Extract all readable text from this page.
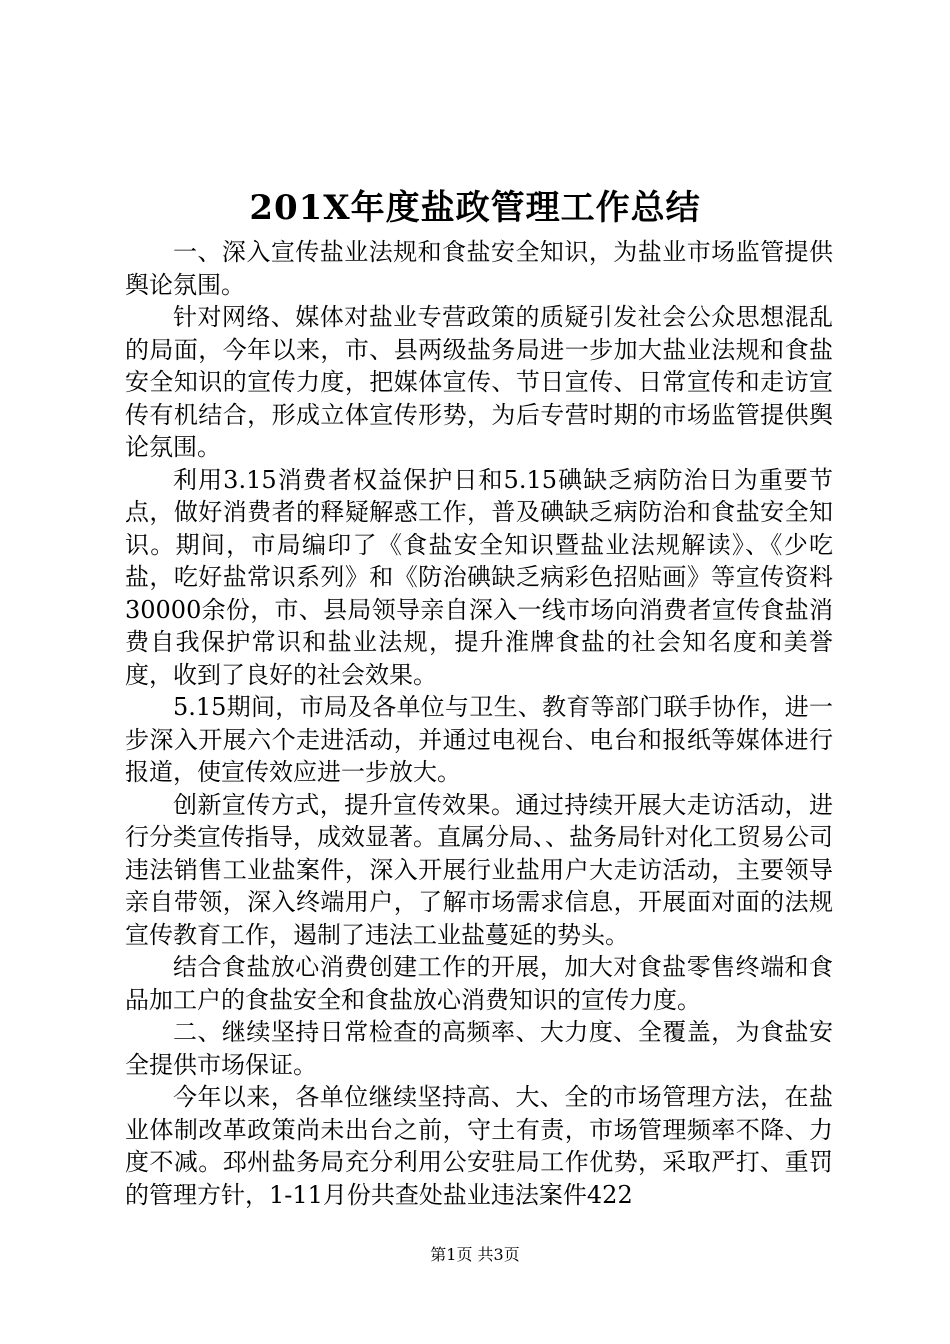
201X年度盐政管理工作总结

一、深入宣传盐业法规和食盐安全知识，为盐业市场监管提供舆论氛围。

针对网络、媒体对盐业专营政策的质疑引发社会公众思想混乱的局面，今年以来，市、县两级盐务局进一步加大盐业法规和食盐安全知识的宣传力度，把媒体宣传、节日宣传、日常宣传和走访宣传有机结合，形成立体宣传形势，为后专营时期的市场监管提供舆论氛围。

利用3.15消费者权益保护日和5.15碘缺乏病防治日为重要节点，做好消费者的释疑解惑工作，普及碘缺乏病防治和食盐安全知识。期间，市局编印了《食盐安全知识暨盐业法规解读》、《少吃盐，吃好盐常识系列》和《防治碘缺乏病彩色招贴画》等宣传资料30000余份，市、县局领导亲自深入一线市场向消费者宣传食盐消费自我保护常识和盐业法规，提升淮牌食盐的社会知名度和美誉度，收到了良好的社会效果。

5.15期间，市局及各单位与卫生、教育等部门联手协作，进一步深入开展六个走进活动，并通过电视台、电台和报纸等媒体进行报道，使宣传效应进一步放大。

创新宣传方式，提升宣传效果。通过持续开展大走访活动，进行分类宣传指导，成效显著。直属分局、、盐务局针对化工贸易公司违法销售工业盐案件，深入开展行业盐用户大走访活动，主要领导亲自带领，深入终端用户，了解市场需求信息，开展面对面的法规宣传教育工作，遏制了违法工业盐蔓延的势头。

结合食盐放心消费创建工作的开展，加大对食盐零售终端和食品加工户的食盐安全和食盐放心消费知识的宣传力度。

二、继续坚持日常检查的高频率、大力度、全覆盖，为食盐安全提供市场保证。

今年以来，各单位继续坚持高、大、全的市场管理方法，在盐业体制改革政策尚未出台之前，守土有责，市场管理频率不降、力度不减。邳州盐务局充分利用公安驻局工作优势，采取严打、重罚的管理方针，1-11月份共查处盐业违法案件422

第1页 共3页
